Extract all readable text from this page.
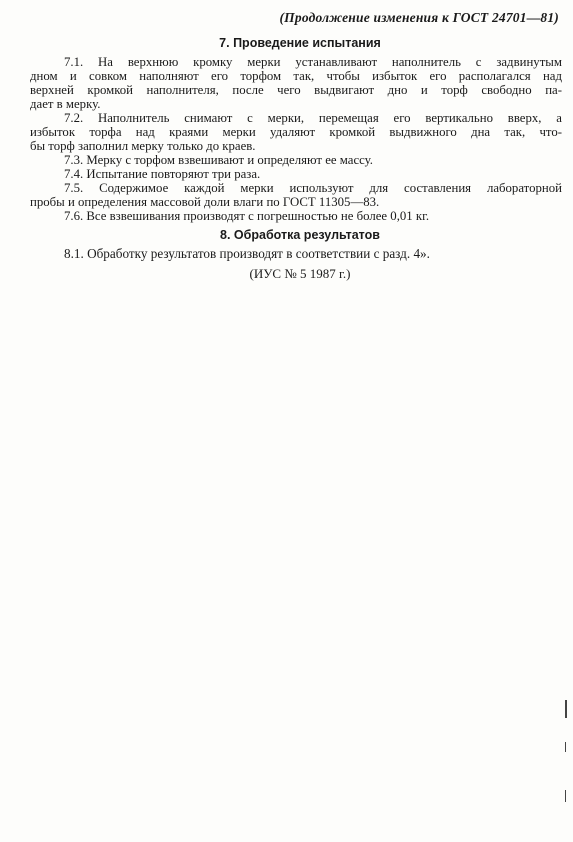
(Продолжение изменения к ГОСТ 24701—81)
7. Проведение испытания
7.1. На верхнюю кромку мерки устанавливают наполнитель с задвинутым
дном и совком наполняют его торфом так, чтобы избыток его располагался над
верхней кромкой наполнителя, после чего выдвигают дно и торф свободно па-
дает в мерку.
7.2. Наполнитель снимают с мерки, перемещая его вертикально вверх, а
избыток торфа над краями мерки удаляют кромкой выдвижного дна так, что-
бы торф заполнил мерку только до краев.
7.3. Мерку с торфом взвешивают и определяют ее массу.
7.4. Испытание повторяют три раза.
7.5. Содержимое каждой мерки используют для составления лабораторной
пробы и определения массовой доли влаги по ГОСТ 11305—83.
7.6. Все взвешивания производят с погрешностью не более 0,01 кг.
8. Обработка результатов
8.1. Обработку результатов производят в соответствии с разд. 4».
(ИУС № 5 1987 г.)
